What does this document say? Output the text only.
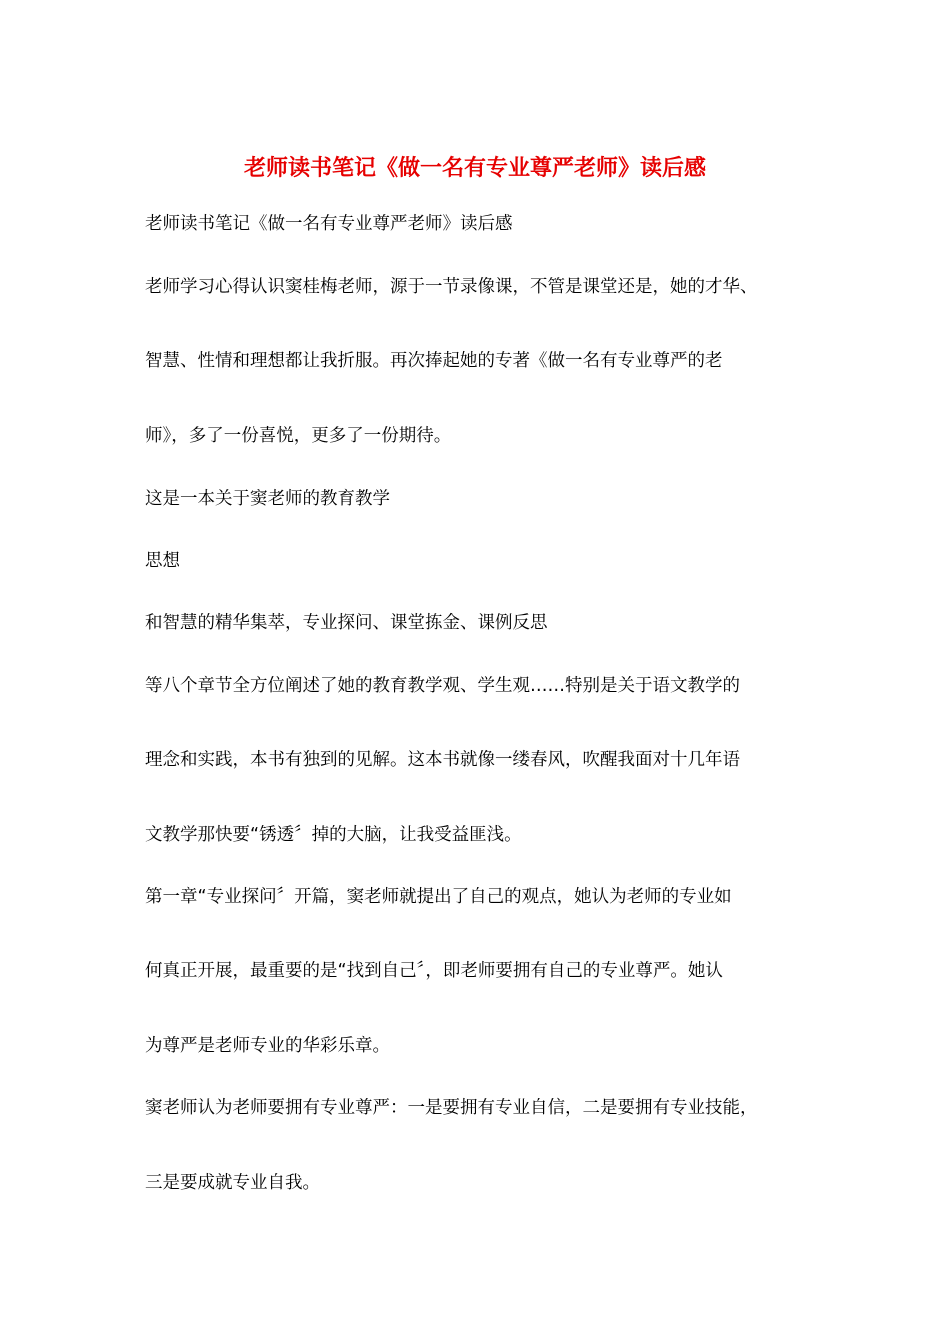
老师读书笔记《做一名有专业尊严老师》读后感
老师读书笔记《做一名有专业尊严老师》读后感
老师学习心得认识窦桂梅老师，源于一节录像课，不管是课堂还是，她的才华、
智慧、性情和理想都让我折服。再次捧起她的专著《做一名有专业尊严的老
师》，多了一份喜悦，更多了一份期待。
这是一本关于窦老师的教育教学
思想
和智慧的精华集萃，专业探问、课堂拣金、课例反思
等八个章节全方位阐述了她的教育教学观、学生观……特别是关于语文教学的
理念和实践，本书有独到的见解。这本书就像一缕春风，吹醒我面对十几年语
文教学那快要“锈透〞掉的大脑，让我受益匪浅。
第一章“专业探问〞开篇，窦老师就提出了自己的观点，她认为老师的专业如
何真正开展，最重要的是“找到自己〞，即老师要拥有自己的专业尊严。她认
为尊严是老师专业的华彩乐章。
窦老师认为老师要拥有专业尊严：一是要拥有专业自信，二是要拥有专业技能，
三是要成就专业自我。
